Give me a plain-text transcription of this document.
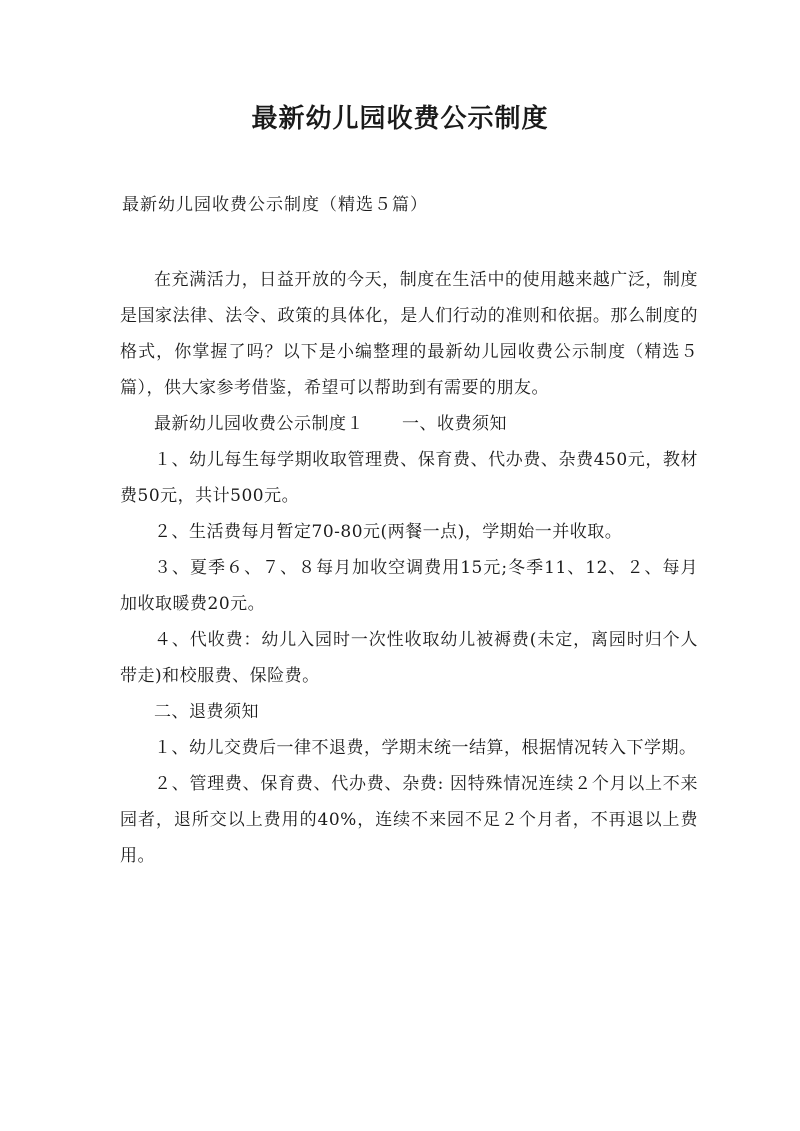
最新幼儿园收费公示制度

最新幼儿园收费公示制度（精选５篇）

在充满活力，日益开放的今天，制度在生活中的使用越来越广泛，制度是国家法律、法令、政策的具体化，是人们行动的准则和依据。那么制度的格式，你掌握了吗？以下是小编整理的最新幼儿园收费公示制度（精选５篇），供大家参考借鉴，希望可以帮助到有需要的朋友。

最新幼儿园收费公示制度１ 一、收费须知

１、幼儿每生每学期收取管理费、保育费、代办费、杂费450元，教材费50元，共计500元。

２、生活费每月暂定70-80元(两餐一点)，学期始一并收取。

３、夏季６、７、８每月加收空调费用15元;冬季11、12、２、每月加收取暖费20元。

４、代收费：幼儿入园时一次性收取幼儿被褥费(未定，离园时归个人带走)和校服费、保险费。

二、退费须知

１、幼儿交费后一律不退费，学期末统一结算，根据情况转入下学期。

２、管理费、保育费、代办费、杂费: 因特殊情况连续２个月以上不来园者，退所交以上费用的40%，连续不来园不足２个月者，不再退以上费用。
